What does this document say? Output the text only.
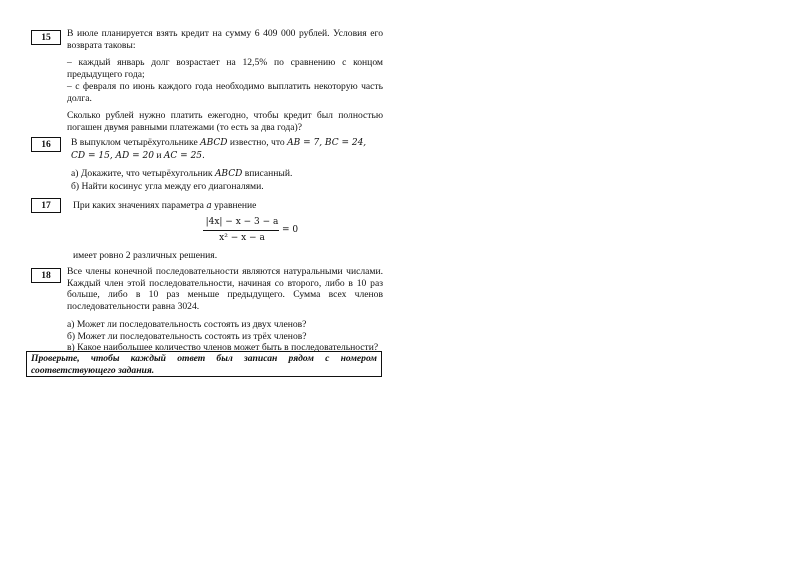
15	В июле планируется взять кредит на сумму 6 409 000 рублей. Условия его возврата таковы:

– каждый январь долг возрастает на 12,5% по сравнению с концом предыдущего года;

– с февраля по июнь каждого года необходимо выплатить некоторую часть долга.

Сколько рублей нужно платить ежегодно, чтобы кредит был полностью погашен двумя равными платежами (то есть за два года)?

16	В выпуклом четырёхугольнике ABCD известно, что AB = 7, BC = 24,
CD = 15, AD = 20 и AC = 25.

а) Докажите, что четырёхугольник ABCD вписанный.

б) Найти косинус угла между его диагоналями.

17	При каких значениях параметра a уравнение
|4x| − x − 3 − a
x² − x − a
= 0
имеет ровно 2 различных решения.
18	Все члены конечной последовательности являются натуральными числами. Каждый член этой последовательности, начиная со второго, либо в 10 раз больше, либо в 10 раз меньше предыдущего. Сумма всех членов последовательности равна 3024.

а) Может ли последовательность состоять из двух членов?

б) Может ли последовательность состоять из трёх членов?

в) Какое наибольшее количество членов может быть в последовательности?

Проверьте, чтобы каждый ответ был записан рядом с номером соответствующего задания.
